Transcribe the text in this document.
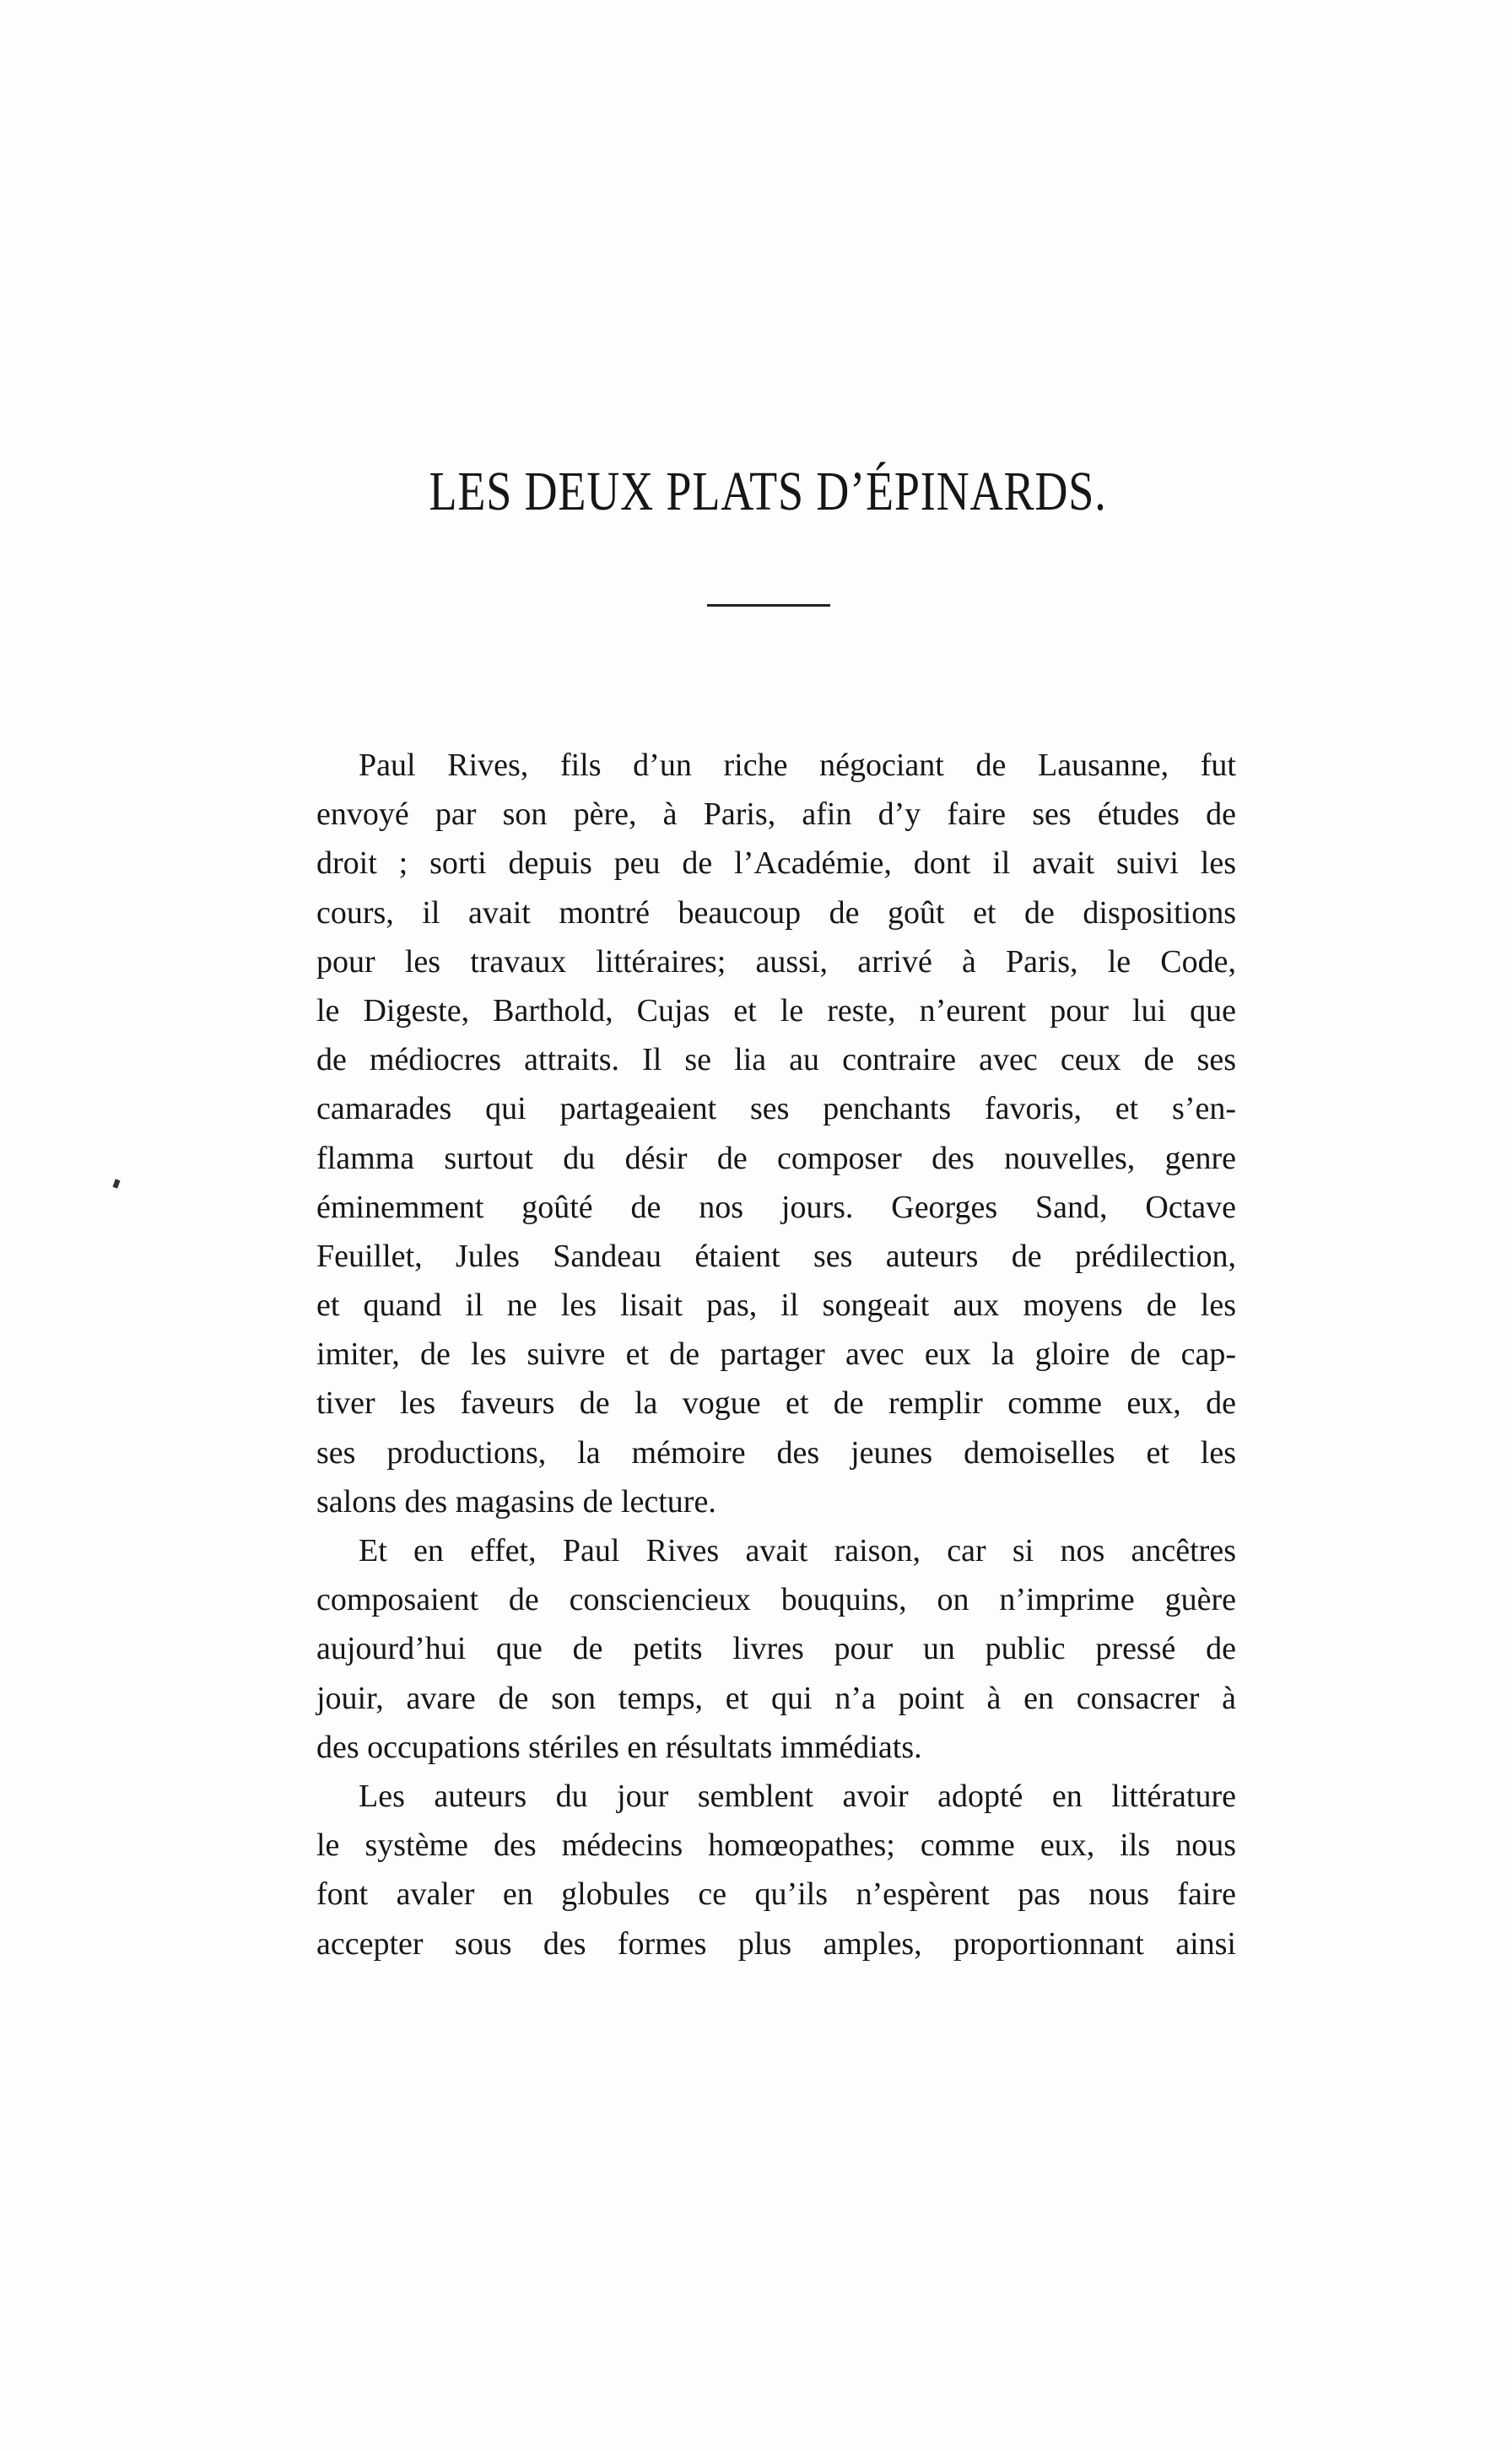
LES DEUX PLATS D’ÉPINARDS.
Paul Rives, fils d’un riche négociant de Lausanne, fut
envoyé par son père, à Paris, afin d’y faire ses études de
droit ; sorti depuis peu de l’Académie, dont il avait suivi les
cours, il avait montré beaucoup de goût et de dispositions
pour les travaux littéraires; aussi, arrivé à Paris, le Code,
le Digeste, Barthold, Cujas et le reste, n’eurent pour lui que
de médiocres attraits. Il se lia au contraire avec ceux de ses
camarades qui partageaient ses penchants favoris, et s’en-
flamma surtout du désir de composer des nouvelles, genre
éminemment goûté de nos jours. Georges Sand, Octave
Feuillet, Jules Sandeau étaient ses auteurs de prédilection,
et quand il ne les lisait pas, il songeait aux moyens de les
imiter, de les suivre et de partager avec eux la gloire de cap-
tiver les faveurs de la vogue et de remplir comme eux, de
ses productions, la mémoire des jeunes demoiselles et les
salons des magasins de lecture.
Et en effet, Paul Rives avait raison, car si nos ancêtres
composaient de consciencieux bouquins, on n’imprime guère
aujourd’hui que de petits livres pour un public pressé de
jouir, avare de son temps, et qui n’a point à en consacrer à
des occupations stériles en résultats immédiats.
Les auteurs du jour semblent avoir adopté en littérature
le système des médecins homœopathes; comme eux, ils nous
font avaler en globules ce qu’ils n’espèrent pas nous faire
accepter sous des formes plus amples, proportionnant ainsi
